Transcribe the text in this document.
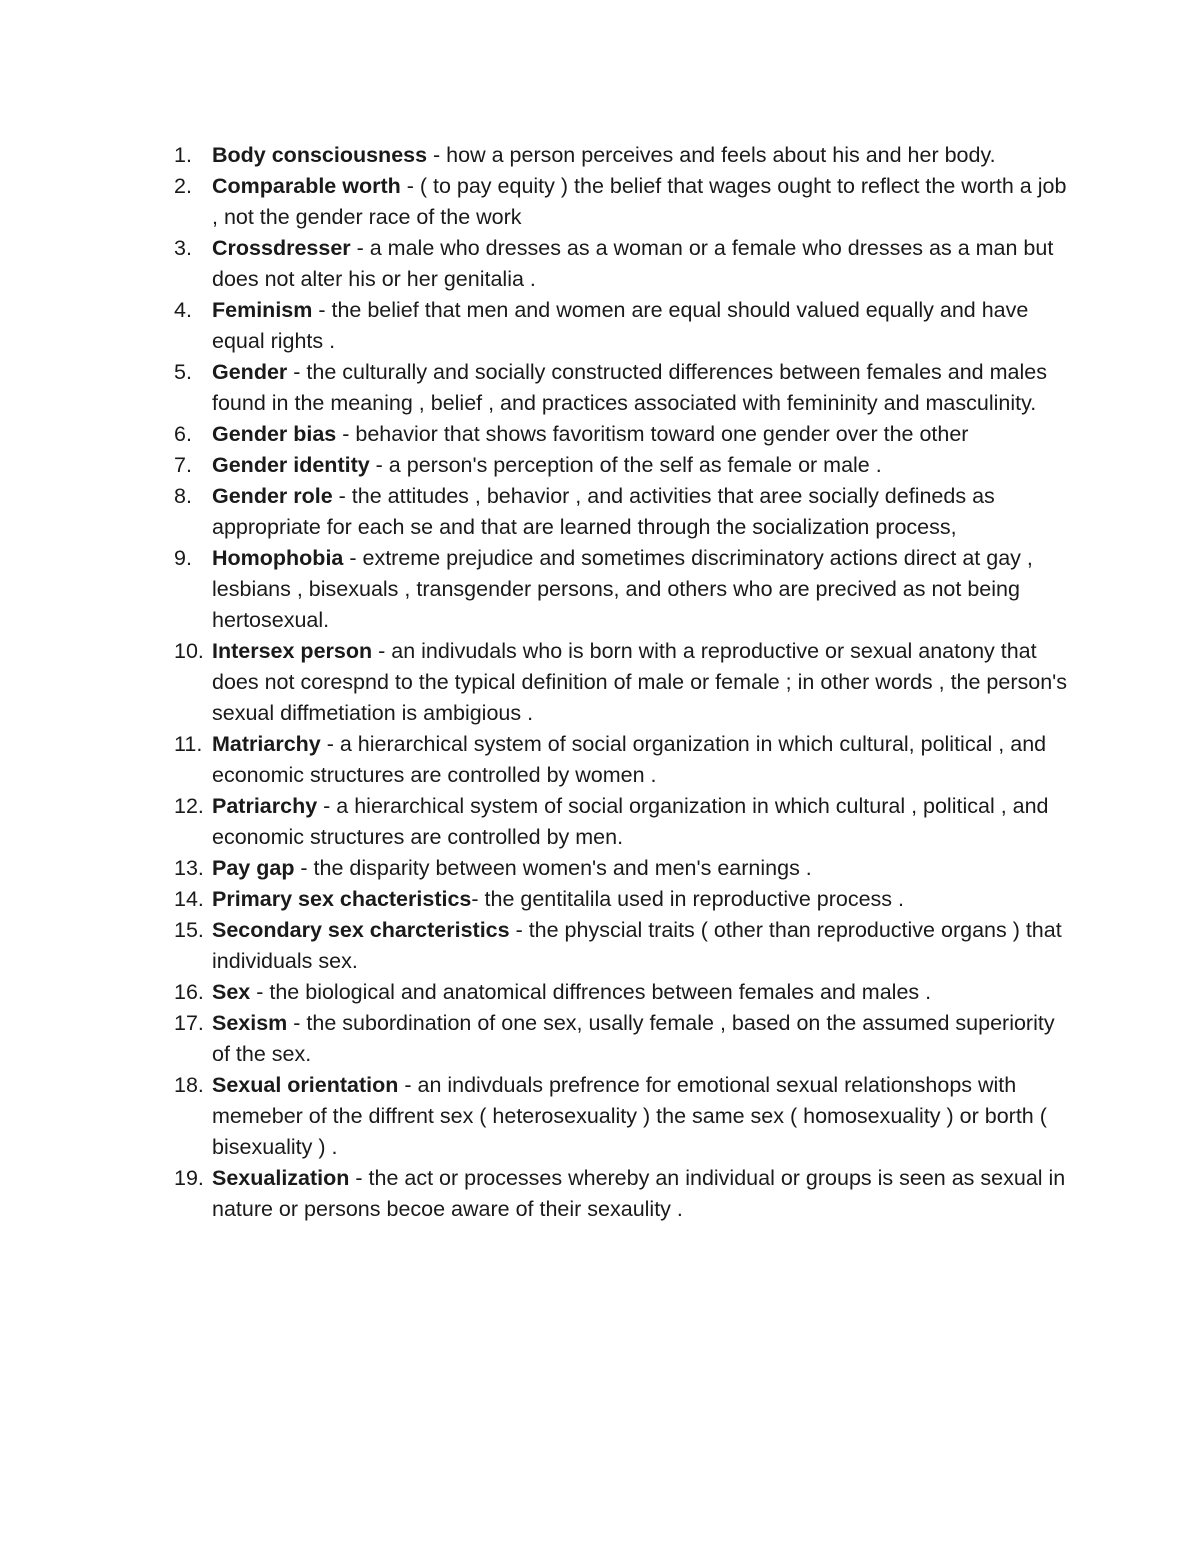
1. Body consciousness - how a person perceives and feels about his and her body.
2. Comparable worth - ( to pay equity ) the belief that wages ought to reflect the worth a job , not the gender race of the work
3. Crossdresser - a male who dresses as a woman or a female who dresses as a man but does not alter his or her genitalia .
4. Feminism - the belief that men and women are equal should valued equally and have equal rights .
5. Gender - the culturally and socially constructed differences between females and males found in the meaning , belief , and practices associated with femininity and masculinity.
6. Gender bias - behavior that shows favoritism toward one gender over the other
7. Gender identity - a person's perception of the self as female or male .
8. Gender role - the attitudes , behavior , and activities that aree socially defineds as appropriate for each se and that are learned through the socialization process,
9. Homophobia - extreme prejudice and sometimes discriminatory actions direct at gay , lesbians , bisexuals , transgender persons, and others who are precived as not being hertosexual.
10. Intersex person - an indivudals who is born with a reproductive or sexual anatony that does not corespnd to the typical definition of male or female ; in other words , the person's sexual diffmetiation is ambigious .
11. Matriarchy - a hierarchical system of social organization in which cultural, political , and economic structures are controlled by women .
12. Patriarchy - a hierarchical system of social organization in which cultural , political , and economic structures are controlled by men.
13. Pay gap - the disparity between women's and men's earnings .
14. Primary sex chacteristics- the gentitalila used in reproductive process .
15. Secondary sex charcteristics - the physcial traits ( other than reproductive organs ) that individuals sex.
16. Sex - the biological and anatomical diffrences between females and males .
17. Sexism - the subordination of one sex, usally female , based on the assumed superiority of the sex.
18. Sexual orientation - an indivduals prefrence for emotional sexual relationshops with memeber of the diffrent sex ( heterosexuality ) the same sex ( homosexuality ) or borth ( bisexuality ) .
19. Sexualization - the act or processes whereby an individual or groups is seen as sexual in nature or persons becoe aware of their sexaulity .
